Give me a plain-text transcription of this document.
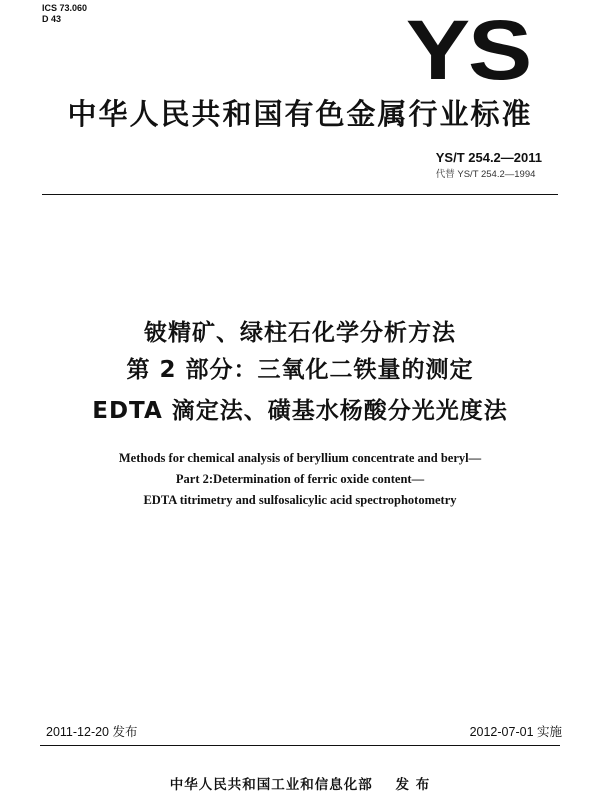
ICS 73.060
D 43	YS
中华人民共和国有色金属行业标准
YS/T 254.2—2011
代替 YS/T 254.2—1994
铍精矿、绿柱石化学分析方法
第 2 部分：三氧化二铁量的测定
EDTA 滴定法、磺基水杨酸分光光度法
Methods for chemical analysis of beryllium concentrate and beryl—
Part 2:Determination of ferric oxide content—
EDTA titrimetry and sulfosalicylic acid spectrophotometry
2011-12-20 发布	2012-07-01 实施
中华人民共和国工业和信息化部    发 布
